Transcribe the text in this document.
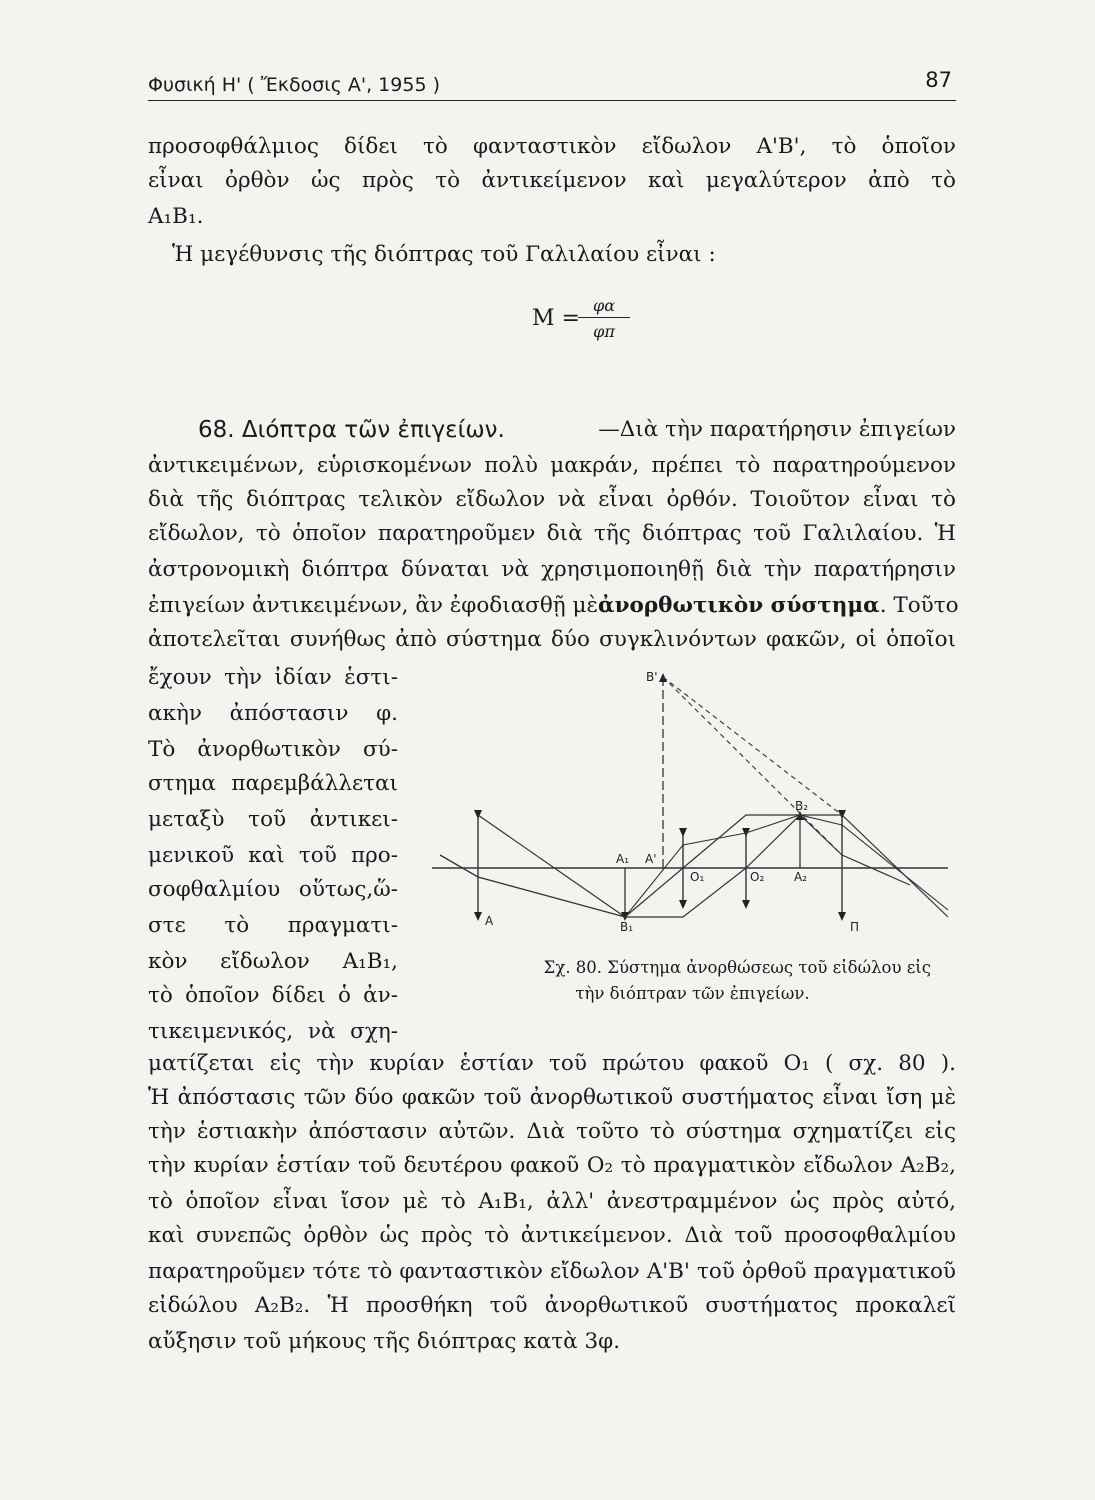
Φυσική Η' ( Ἔκδοσις Α', 1955 )	87
προσοφθάλμιος δίδει τὸ φανταστικὸν εἴδωλον Α'Β', τὸ ὁποῖον
εἶναι ὀρθὸν ὡς πρὸς τὸ ἀντικείμενον καὶ μεγαλύτερον ἀπὸ τὸ
Α₁Β₁.
Ἡ μεγέθυνσις τῆς διόπτρας τοῦ Γαλιλαίου εἶναι :
M =
$\frac{\varphi\alpha}{\varphi\pi}$
68. Διόπτρα τῶν ἐπιγείων.	—Διὰ τὴν παρατήρησιν ἐπιγείων
ἀντικειμένων, εὑρισκομένων πολὺ μακράν, πρέπει τὸ παρατηρούμενον
διὰ τῆς διόπτρας τελικὸν εἴδωλον νὰ εἶναι ὀρθόν. Τοιοῦτον εἶναι τὸ
εἴδωλον, τὸ ὁποῖον παρατηροῦμεν διὰ τῆς διόπτρας τοῦ Γαλιλαίου. Ἡ
ἀστρονομικὴ διόπτρα δύναται νὰ χρησιμοποιηθῇ διὰ τὴν παρατήρησιν
ἐπιγείων ἀντικειμένων, ἂν ἐφοδιασθῇ μὲ ἀνορθωτικὸν σύστημα. Τοῦτο
ἀποτελεῖται συνήθως ἀπὸ σύστημα δύο συγκλινόντων φακῶν, οἱ ὁποῖοι
ἔχουν τὴν ἰδίαν ἑστι-
ακὴν ἀπόστασιν φ.
Τὸ ἀνορθωτικὸν σύ-
στημα παρεμβάλλεται
μεταξὺ τοῦ ἀντικει-
μενικοῦ καὶ τοῦ προ-
σοφθαλμίου οὕτως,ὥ-
στε τὸ πραγματι-
κὸν εἴδωλον Α₁Β₁,
τὸ ὁποῖον δίδει ὁ ἀν-
τικειμενικός, νὰ σχη-
B'
B₂
A₁ A'
O₁	O₂ A₂
A	B₁	Π
Σχ. 80. Σύστημα ἀνορθώσεως τοῦ εἰδώλου εἰς
τὴν διόπτραν τῶν ἐπιγείων.
ματίζεται εἰς τὴν κυρίαν ἑστίαν τοῦ πρώτου φακοῦ Ο₁ ( σχ. 80 ).
Ἡ ἀπόστασις τῶν δύο φακῶν τοῦ ἀνορθωτικοῦ συστήματος εἶναι ἴση μὲ
τὴν ἑστιακὴν ἀπόστασιν αὐτῶν. Διὰ τοῦτο τὸ σύστημα σχηματίζει εἰς
τὴν κυρίαν ἑστίαν τοῦ δευτέρου φακοῦ Ο₂ τὸ πραγματικὸν εἴδωλον Α₂Β₂,
τὸ ὁποῖον εἶναι ἴσον μὲ τὸ Α₁Β₁, ἀλλ' ἀνεστραμμένον ὡς πρὸς αὐτό,
καὶ συνεπῶς ὀρθὸν ὡς πρὸς τὸ ἀντικείμενον. Διὰ τοῦ προσοφθαλμίου
παρατηροῦμεν τότε τὸ φανταστικὸν εἴδωλον Α'Β' τοῦ ὀρθοῦ πραγματικοῦ
εἰδώλου Α₂Β₂. Ἡ προσθήκη τοῦ ἀνορθωτικοῦ συστήματος προκαλεῖ
αὔξησιν τοῦ μήκους τῆς διόπτρας κατὰ 3φ.
